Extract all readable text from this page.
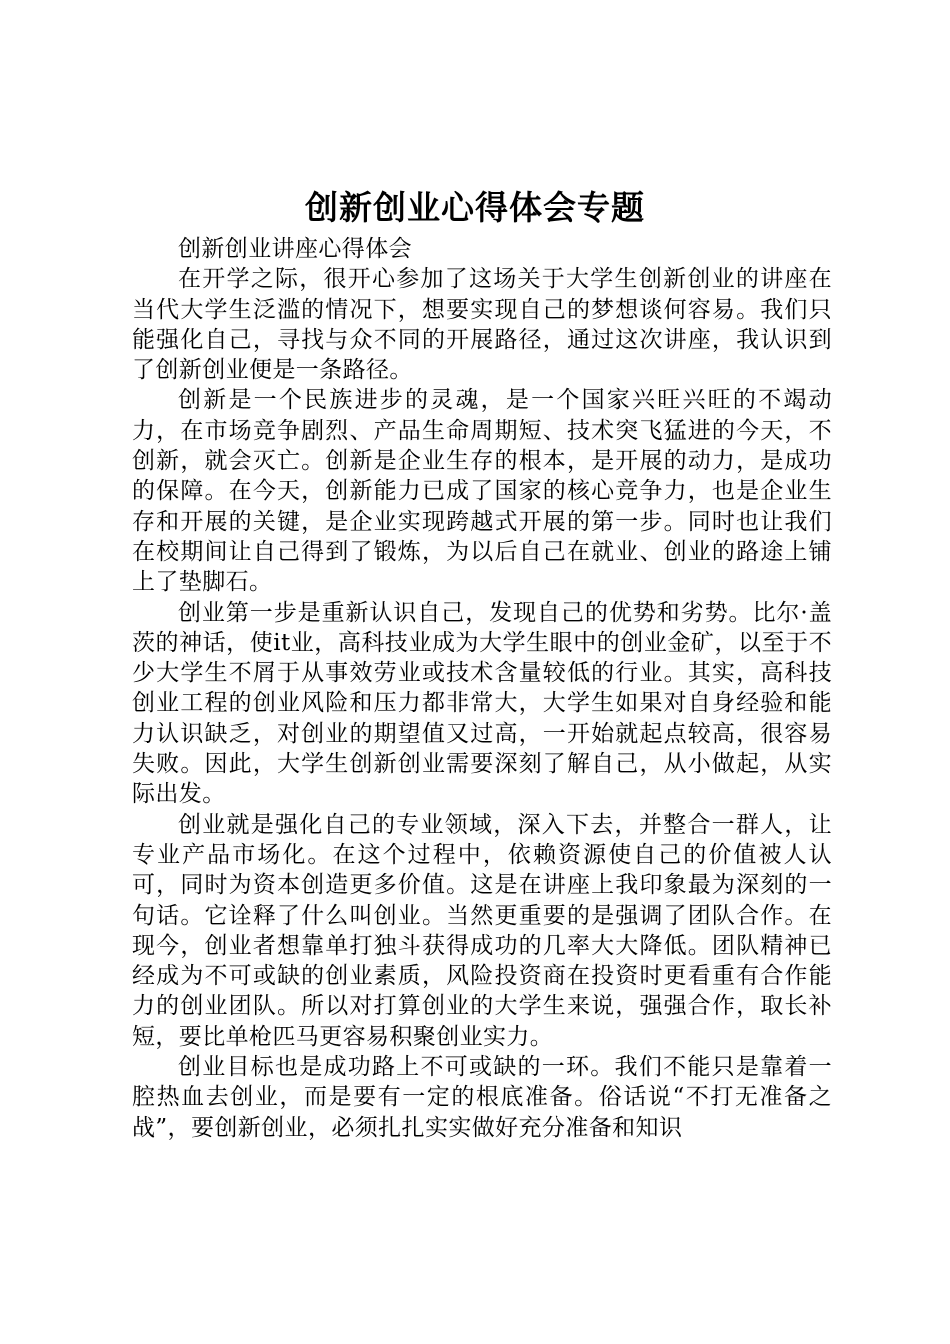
创新创业心得体会专题

创新创业讲座心得体会

在开学之际，很开心参加了这场关于大学生创新创业的讲座在当代大学生泛滥的情况下，想要实现自己的梦想谈何容易。我们只能强化自己，寻找与众不同的开展路径，通过这次讲座，我认识到了创新创业便是一条路径。

创新是一个民族进步的灵魂，是一个国家兴旺兴旺的不竭动力，在市场竞争剧烈、产品生命周期短、技术突飞猛进的今天，不创新，就会灭亡。创新是企业生存的根本，是开展的动力，是成功的保障。在今天，创新能力已成了国家的核心竞争力，也是企业生存和开展的关键，是企业实现跨越式开展的第一步。同时也让我们在校期间让自己得到了锻炼，为以后自己在就业、创业的路途上铺上了垫脚石。

创业第一步是重新认识自己，发现自己的优势和劣势。比尔·盖茨的神话，使it业，高科技业成为大学生眼中的创业金矿，以至于不少大学生不屑于从事效劳业或技术含量较低的行业。其实，高科技创业工程的创业风险和压力都非常大，大学生如果对自身经验和能力认识缺乏，对创业的期望值又过高，一开始就起点较高，很容易失败。因此，大学生创新创业需要深刻了解自己，从小做起，从实际出发。

创业就是强化自己的专业领域，深入下去，并整合一群人，让专业产品市场化。在这个过程中，依赖资源使自己的价值被人认可，同时为资本创造更多价值。这是在讲座上我印象最为深刻的一句话。它诠释了什么叫创业。当然更重要的是强调了团队合作。在现今，创业者想靠单打独斗获得成功的几率大大降低。团队精神已经成为不可或缺的创业素质，风险投资商在投资时更看重有合作能力的创业团队。所以对打算创业的大学生来说，强强合作，取长补短，要比单枪匹马更容易积聚创业实力。

创业目标也是成功路上不可或缺的一环。我们不能只是靠着一腔热血去创业，而是要有一定的根底准备。俗话说“不打无准备之战”，要创新创业，必须扎扎实实做好充分准备和知识
